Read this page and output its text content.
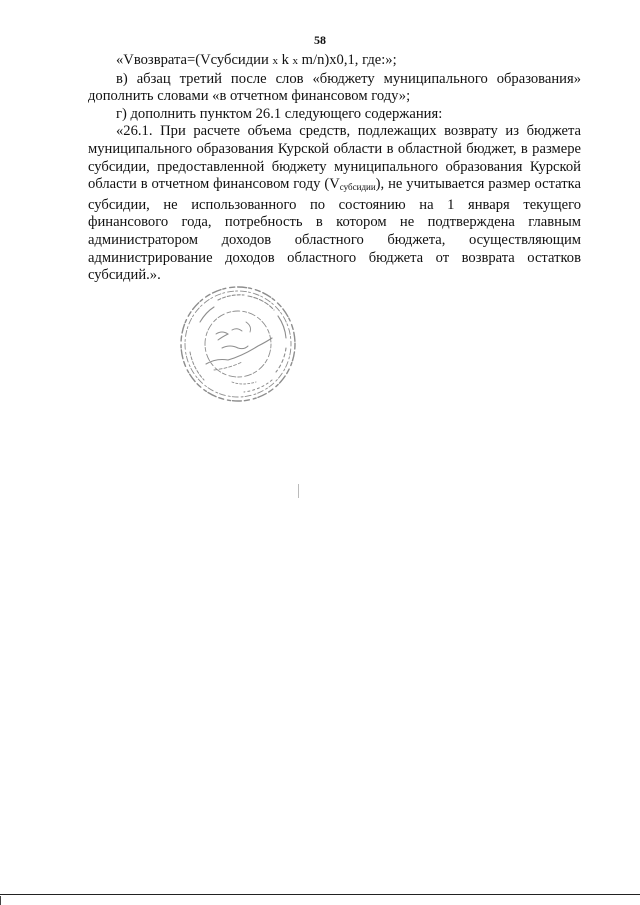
58

«Vвозврата=(Vсубсидии x k x m/n)x0,1, где:»;

в) абзац третий после слов «бюджету муниципального образования» дополнить словами «в отчетном финансовом году»;

г) дополнить пунктом 26.1 следующего содержания:

«26.1. При расчете объема средств, подлежащих возврату из бюджета муниципального образования Курской области в областной бюджет, в размере субсидии, предоставленной бюджету муниципального образования Курской области в отчетном финансовом году $(V_{субсидии})$, не учитывается размер остатка субсидии, не использованного по состоянию на 1 января текущего финансового года, потребность в котором не подтверждена главным администратором доходов областного бюджета, осуществляющим администрирование доходов областного бюджета от возврата остатков субсидий.».
